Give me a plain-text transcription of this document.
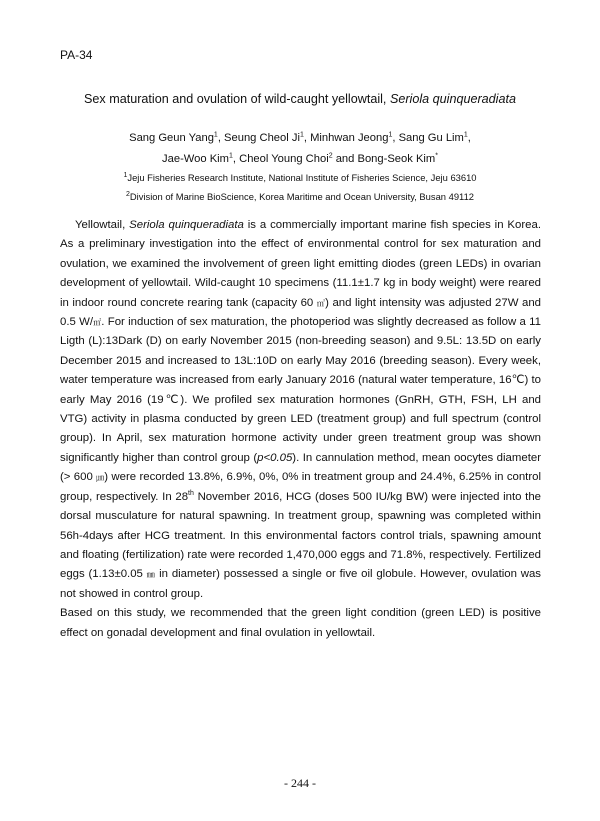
PA-34
Sex maturation and ovulation of wild-caught yellowtail, Seriola quinqueradiata
Sang Geun Yang$^1$, Seung Cheol Ji$^1$, Minhwan Jeong$^1$, Sang Gu Lim$^1$,
Jae-Woo Kim$^1$, Cheol Young Choi$^2$ and Bong-Seok Kim*
$^1$Jeju Fisheries Research Institute, National Institute of Fisheries Science, Jeju 63610
$^2$Division of Marine BioScience, Korea Maritime and Ocean University, Busan 49112

Yellowtail, Seriola quinqueradiata is a commercially important marine fish species in Korea. As a preliminary investigation into the effect of environmental control for sex maturation and ovulation, we examined the involvement of green light emitting diodes (green LEDs) in ovarian development of yellowtail. Wild-caught 10 specimens (11.1±1.7 kg in body weight) were reared in indoor round concrete rearing tank (capacity 60 ㎥) and light intensity was adjusted 27W and 0.5 W/㎡. For induction of sex maturation, the photoperiod was slightly decreased as follow a 11 Ligth (L):13Dark (D) on early November 2015 (non-breeding season) and 9.5L: 13.5D on early December 2015 and increased to 13L:10D on early May 2016 (breeding season). Every week, water temperature was increased from early January 2016 (natural water temperature, 16℃) to early May 2016 (19℃). We profiled sex maturation hormones (GnRH, GTH, FSH, LH and VTG) activity in plasma conducted by green LED (treatment group) and full spectrum (control group). In April, sex maturation hormone activity under green treatment group was shown significantly higher than control group (p<0.05). In cannulation method, mean oocytes diameter (> 600 ㎛) were recorded 13.8%, 6.9%, 0%, 0% in treatment group and 24.4%, 6.25% in control group, respectively. In 28th November 2016, HCG (doses 500 IU/kg BW) were injected into the dorsal musculature for natural spawning. In treatment group, spawning was completed within 56h-4days after HCG treatment. In this environmental factors control trials, spawning amount and floating (fertilization) rate were recorded 1,470,000 eggs and 71.8%, respectively. Fertilized eggs (1.13±0.05 ㎜ in diameter) possessed a single or five oil globule. However, ovulation was not showed in control group.

Based on this study, we recommended that the green light condition (green LED) is positive effect on gonadal development and final ovulation in yellowtail.

- 244 -
